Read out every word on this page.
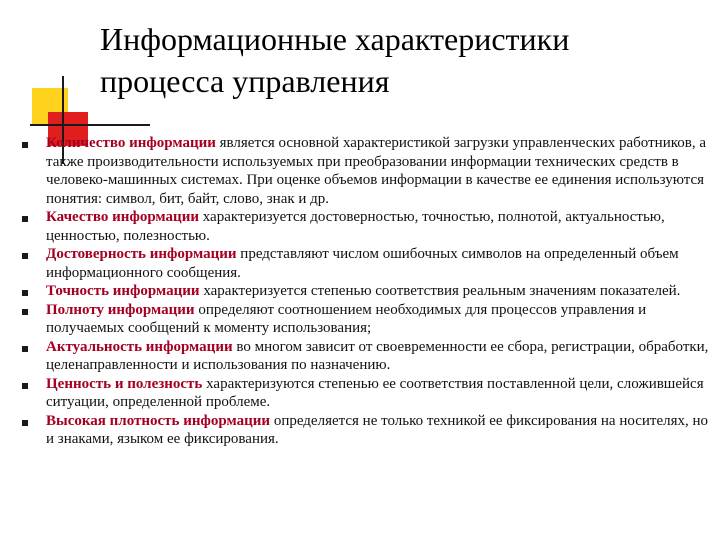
Информационные характеристики
процесса управления
Количество информации является основной характеристикой загрузки управленческих работников, а также производительности используемых при преобразовании информации технических средств в человеко-машинных системах. При оценке объемов информации в качестве ее единения используются понятия: символ, бит, байт, слово, знак и др.
Качество информации характеризуется достоверностью, точностью, полнотой, актуальностью, ценностью, полезностью.
Достоверность информации представляют числом ошибочных символов на определенный объем информационного сообщения.
Точность информации характеризуется степенью соответствия реальным значениям показателей.
Полноту информации определяют соотношением необходимых для процессов управления и получаемых сообщений к моменту использования;
Актуальность информации во многом зависит от своевременности ее сбора, регистрации, обработки, целенаправленности и использования по назначению.
Ценность и полезность характеризуются степенью ее соответствия поставленной цели, сложившейся ситуации, определенной проблеме.
Высокая плотность информации определяется не только техникой ее фиксирования на носителях, но и знаками, языком ее фиксирования.
